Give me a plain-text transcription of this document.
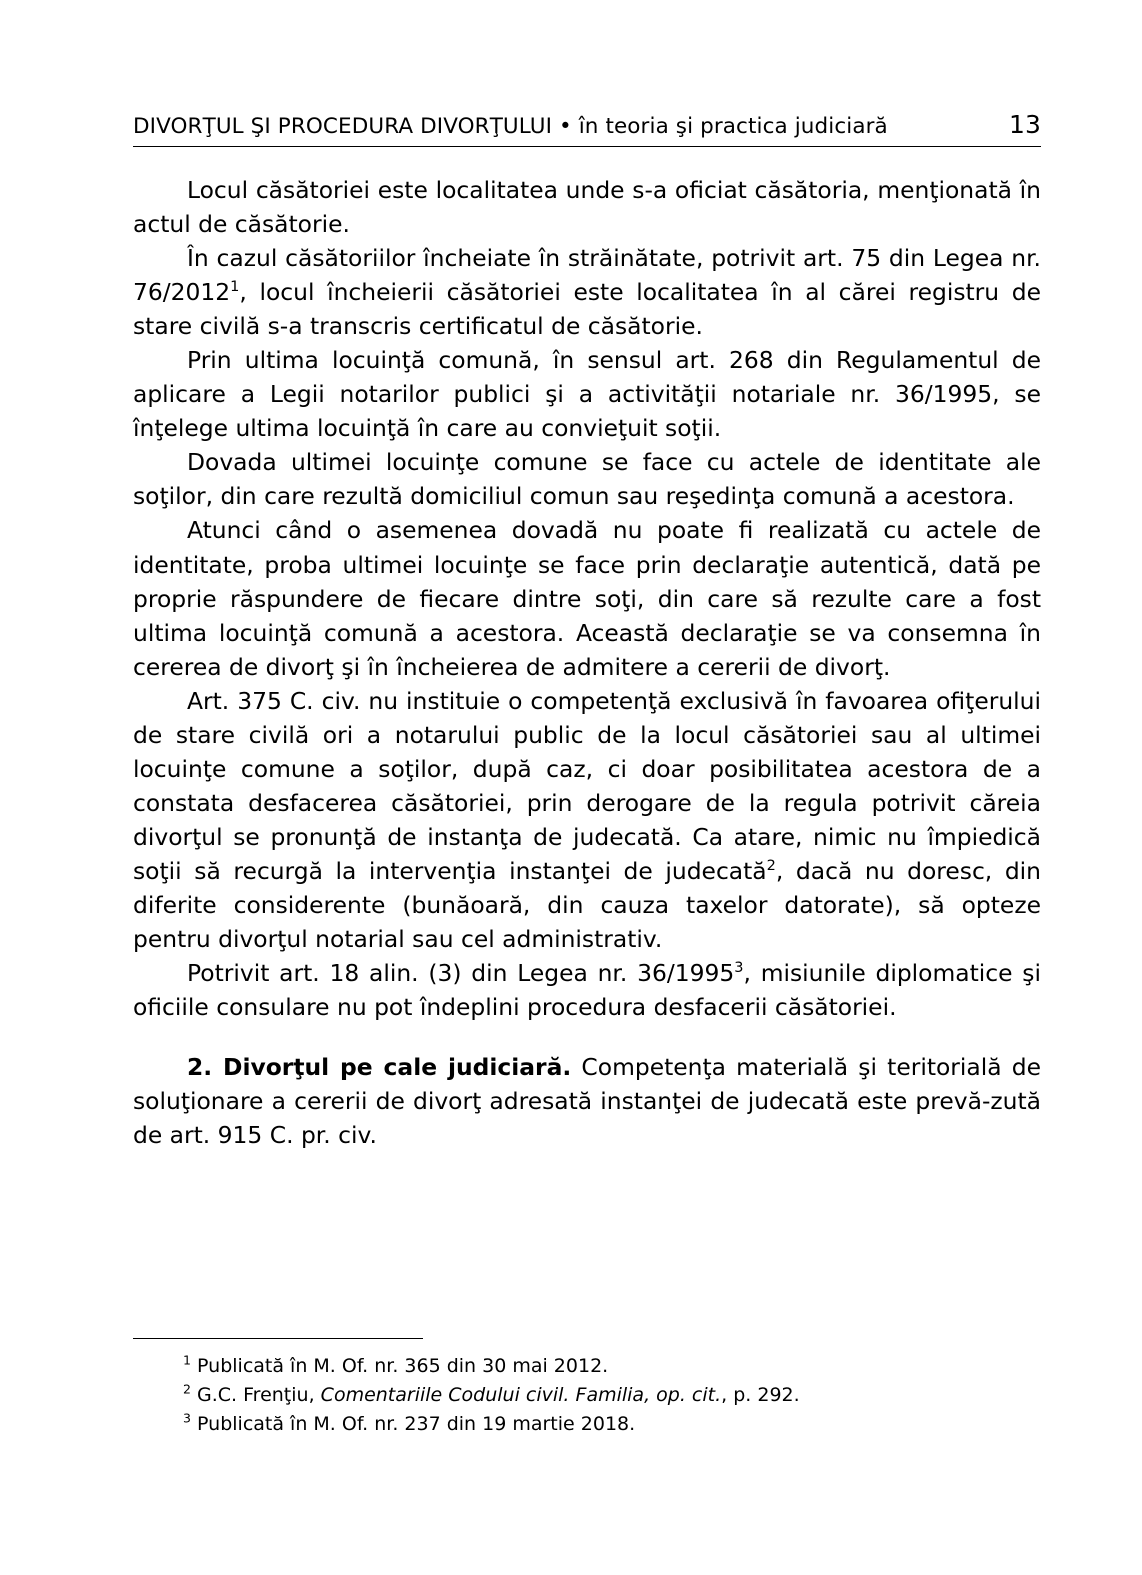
DIVORŢUL ŞI PROCEDURA DIVORŢULUI • în teoria şi practica judiciară	13

Locul căsătoriei este localitatea unde s-a oficiat căsătoria, menţionată în actul de căsătorie.

În cazul căsătoriilor încheiate în străinătate, potrivit art. 75 din Legea nr. 76/2012$^1$, locul încheierii căsătoriei este localitatea în al cărei registru de stare civilă s-a transcris certificatul de căsătorie.

Prin ultima locuinţă comună, în sensul art. 268 din Regulamentul de aplicare a Legii notarilor publici şi a activităţii notariale nr. 36/1995, se înţelege ultima locuinţă în care au convieţuit soţii.

Dovada ultimei locuinţe comune se face cu actele de identitate ale soţilor, din care rezultă domiciliul comun sau reşedinţa comună a acestora.

Atunci când o asemenea dovadă nu poate fi realizată cu actele de identitate, proba ultimei locuinţe se face prin declaraţie autentică, dată pe proprie răspundere de fiecare dintre soţi, din care să rezulte care a fost ultima locuinţă comună a acestora. Această declaraţie se va consemna în cererea de divorţ şi în încheierea de admitere a cererii de divorţ.

Art. 375 C. civ. nu instituie o competenţă exclusivă în favoarea ofiţerului de stare civilă ori a notarului public de la locul căsătoriei sau al ultimei locuinţe comune a soţilor, după caz, ci doar posibilitatea acestora de a constata desfacerea căsătoriei, prin derogare de la regula potrivit căreia divorţul se pronunţă de instanţa de judecată. Ca atare, nimic nu împiedică soţii să recurgă la intervenţia instanţei de judecată$^2$, dacă nu doresc, din diferite considerente (bunăoară, din cauza taxelor datorate), să opteze pentru divorţul notarial sau cel administrativ.

Potrivit art. 18 alin. (3) din Legea nr. 36/1995$^3$, misiunile diplomatice şi oficiile consulare nu pot îndeplini procedura desfacerii căsătoriei.

2. Divorţul pe cale judiciară. Competenţa materială şi teritorială de soluţionare a cererii de divorţ adresată instanţei de judecată este prevă-zută de art. 915 C. pr. civ.

$^1$ Publicată în M. Of. nr. 365 din 30 mai 2012.
$^2$ G.C. Frenţiu, Comentariile Codului civil. Familia, op. cit., p. 292.
$^3$ Publicată în M. Of. nr. 237 din 19 martie 2018.
